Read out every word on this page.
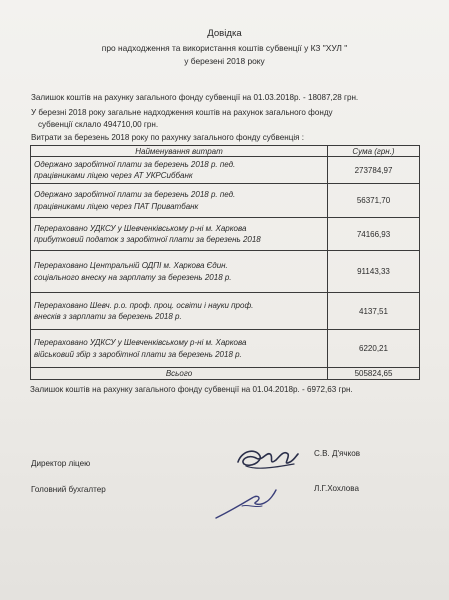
Довідка
про надходження та використання коштів субвенції у КЗ "ХУЛ "
у березені 2018 року
Залишок коштів на рахунку загального фонду субвенції на 01.03.2018р. - 18087,28 грн.
У березні 2018 року загальне надходження коштів на рахунок загального фонду
субвенції склало 494710,00 грн.
Витрати за березень 2018 року по рахунку загального фонду субвенція :
Найменування витрат	Сума (грн.)

Одержано заробітної плати за березень 2018 р. пед.
працівниками ліцею через АТ УКРСиббанк	273784,97

Одержано заробітної плати за березень 2018 р. пед.
працівниками ліцею через ПАТ Приватбанк	56371,70

Перераховано УДКСУ у Шевченківському р-ні м. Харкова
прибутковий податок з заробітної плати за березень 2018	74166,93

Перераховано Центральній ОДПІ м. Харкова Єдин.
соціального внеску на зарплату за березень 2018 р.	91143,33

Перераховано Шевч. р.о. проф. проц. освіти і науки проф.
внесків з зарплати за березень 2018 р.	4137,51

Перераховано УДКСУ у Шевченківському р-ні м. Харкова
військовий збір з заробітної плати за березень 2018 р.	6220,21
Всього	505824,65
Залишок коштів на рахунку загального фонду субвенції на 01.04.2018р. - 6972,63 грн.
Директор ліцею
С.В. Д'ячков
Головний бухгалтер	Л.Г.Хохлова
